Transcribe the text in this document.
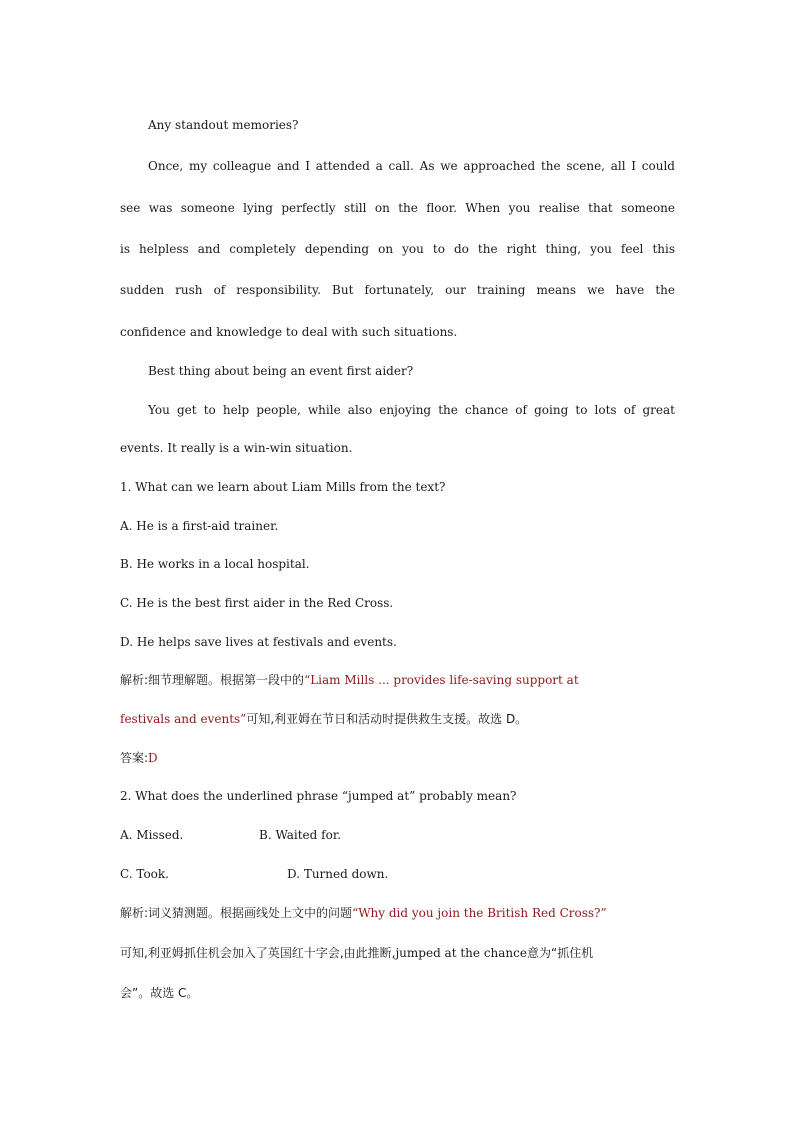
Any standout memories?
Once, my colleague and I attended a call. As we approached the scene, all I could
see was someone lying perfectly still on the floor. When you realise that someone
is helpless and completely depending on you to do the right thing, you feel this
sudden rush of responsibility. But fortunately, our training means we have the
confidence and knowledge to deal with such situations.
Best thing about being an event first aider?
You get to help people, while also enjoying the chance of going to lots of great
events. It really is a win-win situation.
1. What can we learn about Liam Mills from the text?
A. He is a first-aid trainer.
B. He works in a local hospital.
C. He is the best first aider in the Red Cross.
D. He helps save lives at festivals and events.
解析:细节理解题。根据第一段中的“Liam Mills ... provides life-saving support at
festivals and events”可知,利亚姆在节日和活动时提供救生支援。故选 D。
答案:D
2. What does the underlined phrase “jumped at” probably mean?
A. Missed.	B. Waited for.
C. Took.	D. Turned down.
解析:词义猜测题。根据画线处上文中的问题“Why did you join the British Red Cross?”
可知,利亚姆抓住机会加入了英国红十字会,由此推断,jumped at the chance意为“抓住机
会”。故选 C。
